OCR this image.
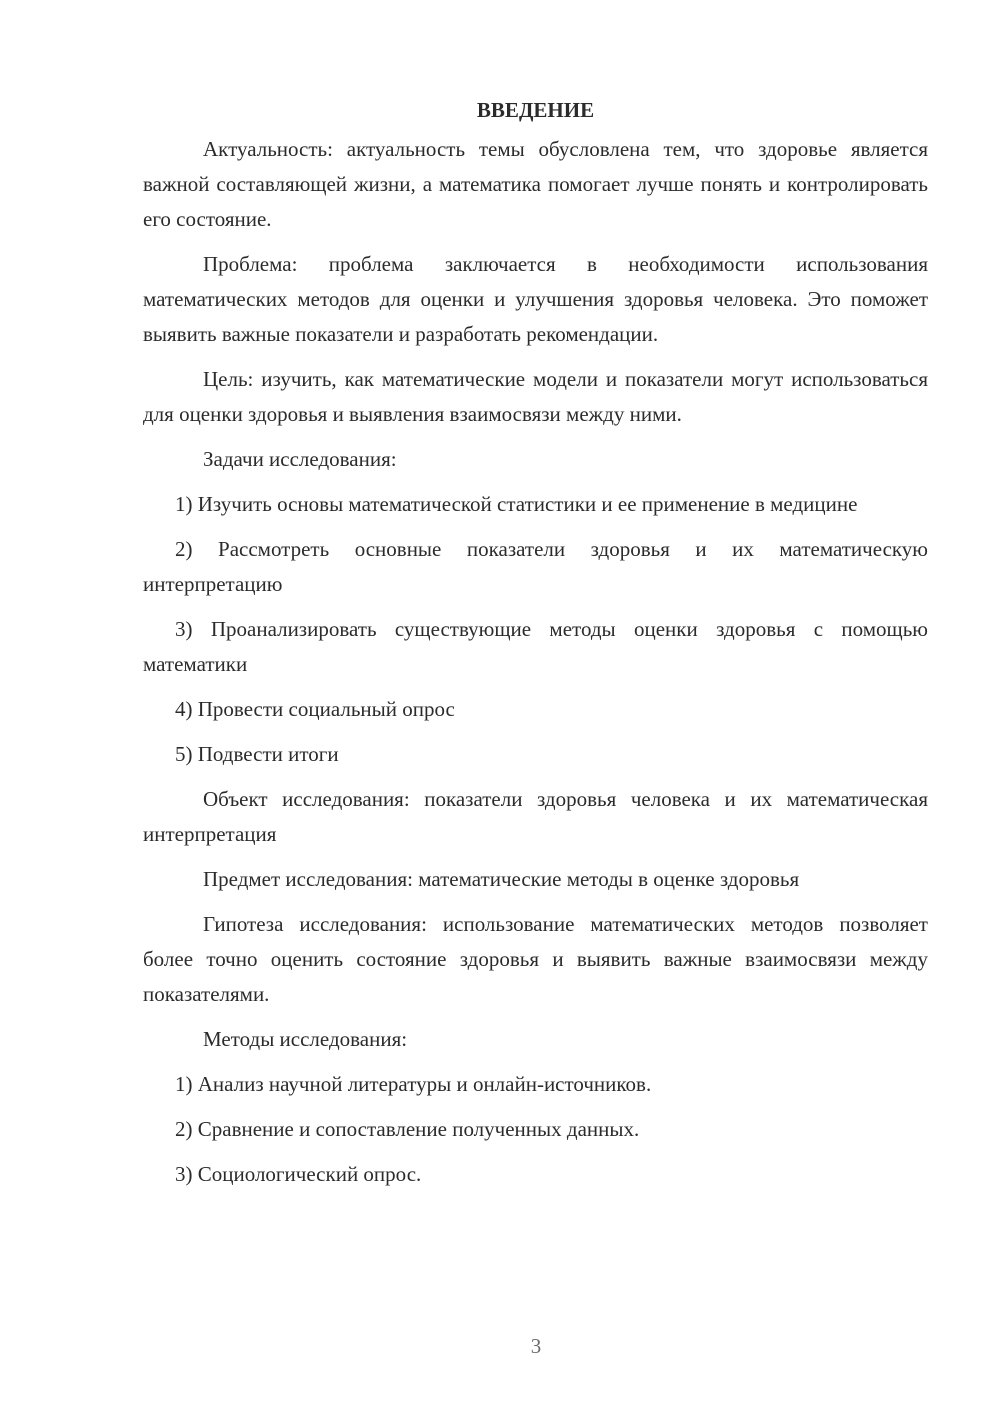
ВВЕДЕНИЕ

Актуальность: актуальность темы обусловлена тем, что здоровье является важной составляющей жизни, а математика помогает лучше понять и контролировать его состояние.

Проблема: проблема заключается в необходимости использования математических методов для оценки и улучшения здоровья человека. Это поможет выявить важные показатели и разработать рекомендации.

Цель: изучить, как математические модели и показатели могут использоваться для оценки здоровья и выявления взаимосвязи между ними.

Задачи исследования:

1) Изучить основы математической статистики и ее применение в медицине

2) Рассмотреть основные показатели здоровья и их математическую интерпретацию

3) Проанализировать существующие методы оценки здоровья с помощью математики

4) Провести социальный опрос

5) Подвести итоги

Объект исследования: показатели здоровья человека и их математическая интерпретация

Предмет исследования: математические методы в оценке здоровья

Гипотеза исследования: использование математических методов позволяет более точно оценить состояние здоровья и выявить важные взаимосвязи между показателями.

Методы исследования:

1) Анализ научной литературы и онлайн-источников.

2) Сравнение и сопоставление полученных данных.

3) Социологический опрос.

3
